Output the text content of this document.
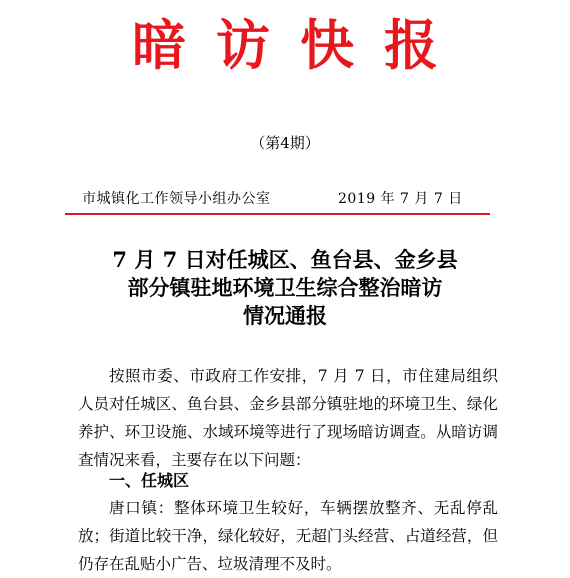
暗访快报
（第4期）
市城镇化工作领导小组办公室	2019 年 7 月 7 日
7 月 7 日对任城区、鱼台县、金乡县
部分镇驻地环境卫生综合整治暗访
情况通报
按照市委、市政府工作安排，7 月 7 日，市住建局组织人员对任城区、鱼台县、金乡县部分镇驻地的环境卫生、绿化养护、环卫设施、水域环境等进行了现场暗访调查。从暗访调查情况来看，主要存在以下问题：
一、任城区
唐口镇：整体环境卫生较好，车辆摆放整齐、无乱停乱放；街道比较干净，绿化较好，无超门头经营、占道经营，但仍存在乱贴小广告、垃圾清理不及时。
